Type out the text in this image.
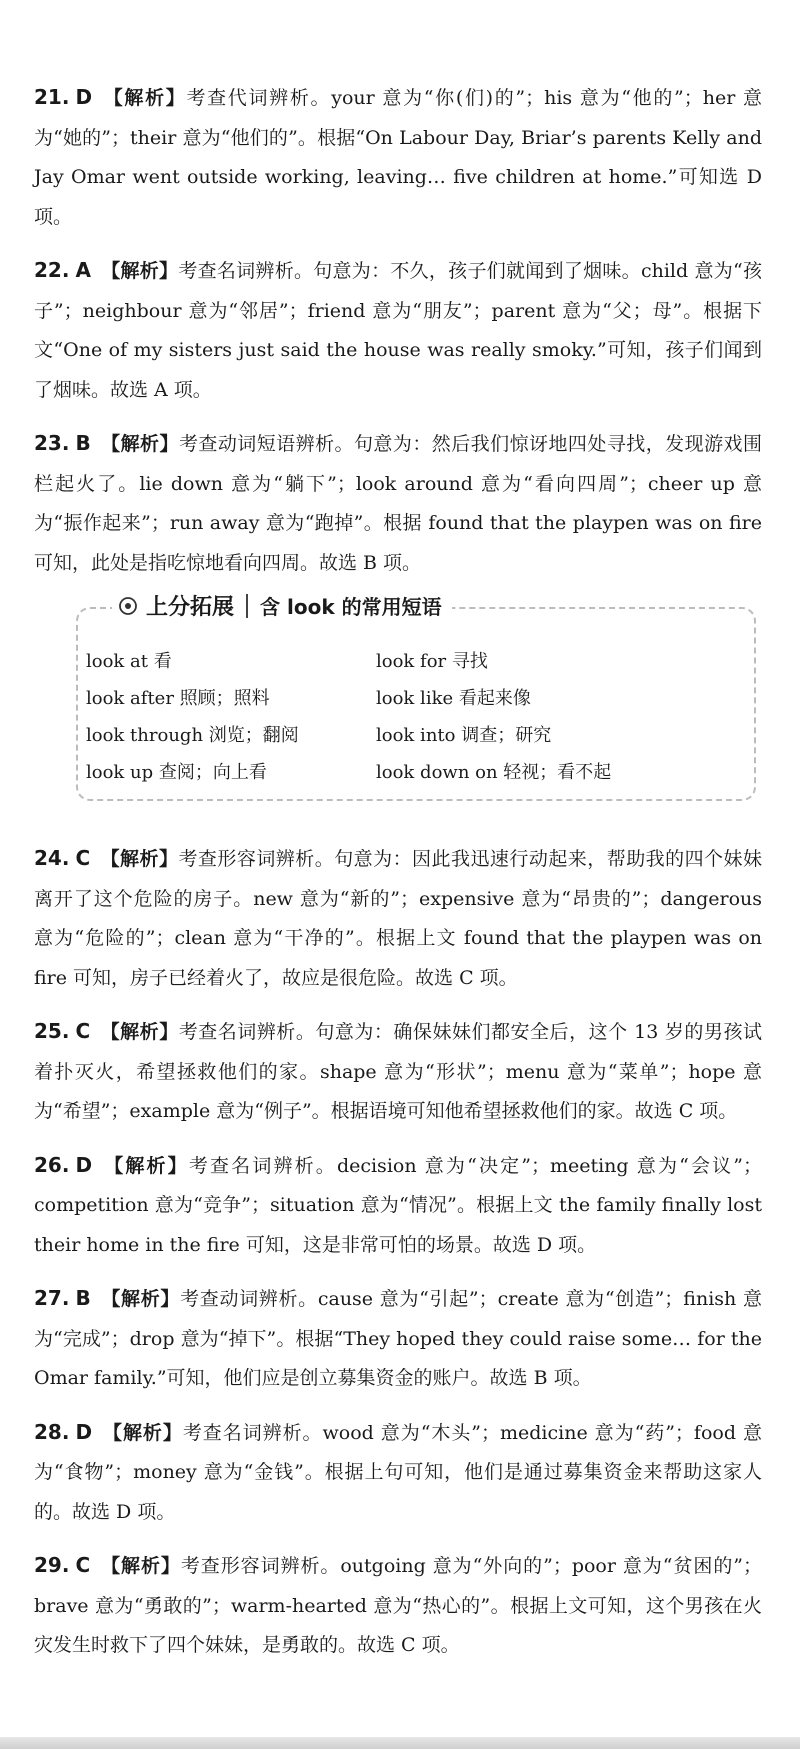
21. D 【解析】考查代词辨析。your 意为“你(们)的”；his 意为“他的”；her 意为“她的”；their 意为“他们的”。根据“On Labour Day, Briar’s parents Kelly and Jay Omar went outside working, leaving… five children at home.”可知选 D 项。

22. A 【解析】考查名词辨析。句意为：不久，孩子们就闻到了烟味。child 意为“孩子”；neighbour 意为“邻居”；friend 意为“朋友”；parent 意为“父；母”。根据下文“One of my sisters just said the house was really smoky.”可知，孩子们闻到了烟味。故选 A 项。

23. B 【解析】考查动词短语辨析。句意为：然后我们惊讶地四处寻找，发现游戏围栏起火了。lie down 意为“躺下”；look around 意为“看向四周”；cheer up 意为“振作起来”；run away 意为“跑掉”。根据 found that the playpen was on fire 可知，此处是指吃惊地看向四周。故选 B 项。

上分拓展 含 look 的常用短语
look at 看	look for 寻找
look after 照顾；照料	look like 看起来像
look through 浏览；翻阅	look into 调查；研究
look up 查阅；向上看	look down on 轻视；看不起

24. C 【解析】考查形容词辨析。句意为：因此我迅速行动起来，帮助我的四个妹妹离开了这个危险的房子。new 意为“新的”；expensive 意为“昂贵的”；dangerous 意为“危险的”；clean 意为“干净的”。根据上文 found that the playpen was on fire 可知，房子已经着火了，故应是很危险。故选 C 项。

25. C 【解析】考查名词辨析。句意为：确保妹妹们都安全后，这个 13 岁的男孩试着扑灭火，希望拯救他们的家。shape 意为“形状”；menu 意为“菜单”；hope 意为“希望”；example 意为“例子”。根据语境可知他希望拯救他们的家。故选 C 项。

26. D 【解析】考查名词辨析。decision 意为“决定”；meeting 意为“会议”；competition 意为“竞争”；situation 意为“情况”。根据上文 the family finally lost their home in the fire 可知，这是非常可怕的场景。故选 D 项。

27. B 【解析】考查动词辨析。cause 意为“引起”；create 意为“创造”；finish 意为“完成”；drop 意为“掉下”。根据“They hoped they could raise some… for the Omar family.”可知，他们应是创立募集资金的账户。故选 B 项。

28. D 【解析】考查名词辨析。wood 意为“木头”；medicine 意为“药”；food 意为“食物”；money 意为“金钱”。根据上句可知，他们是通过募集资金来帮助这家人的。故选 D 项。

29. C 【解析】考查形容词辨析。outgoing 意为“外向的”；poor 意为“贫困的”；brave 意为“勇敢的”；warm-hearted 意为“热心的”。根据上文可知，这个男孩在火灾发生时救下了四个妹妹，是勇敢的。故选 C 项。
